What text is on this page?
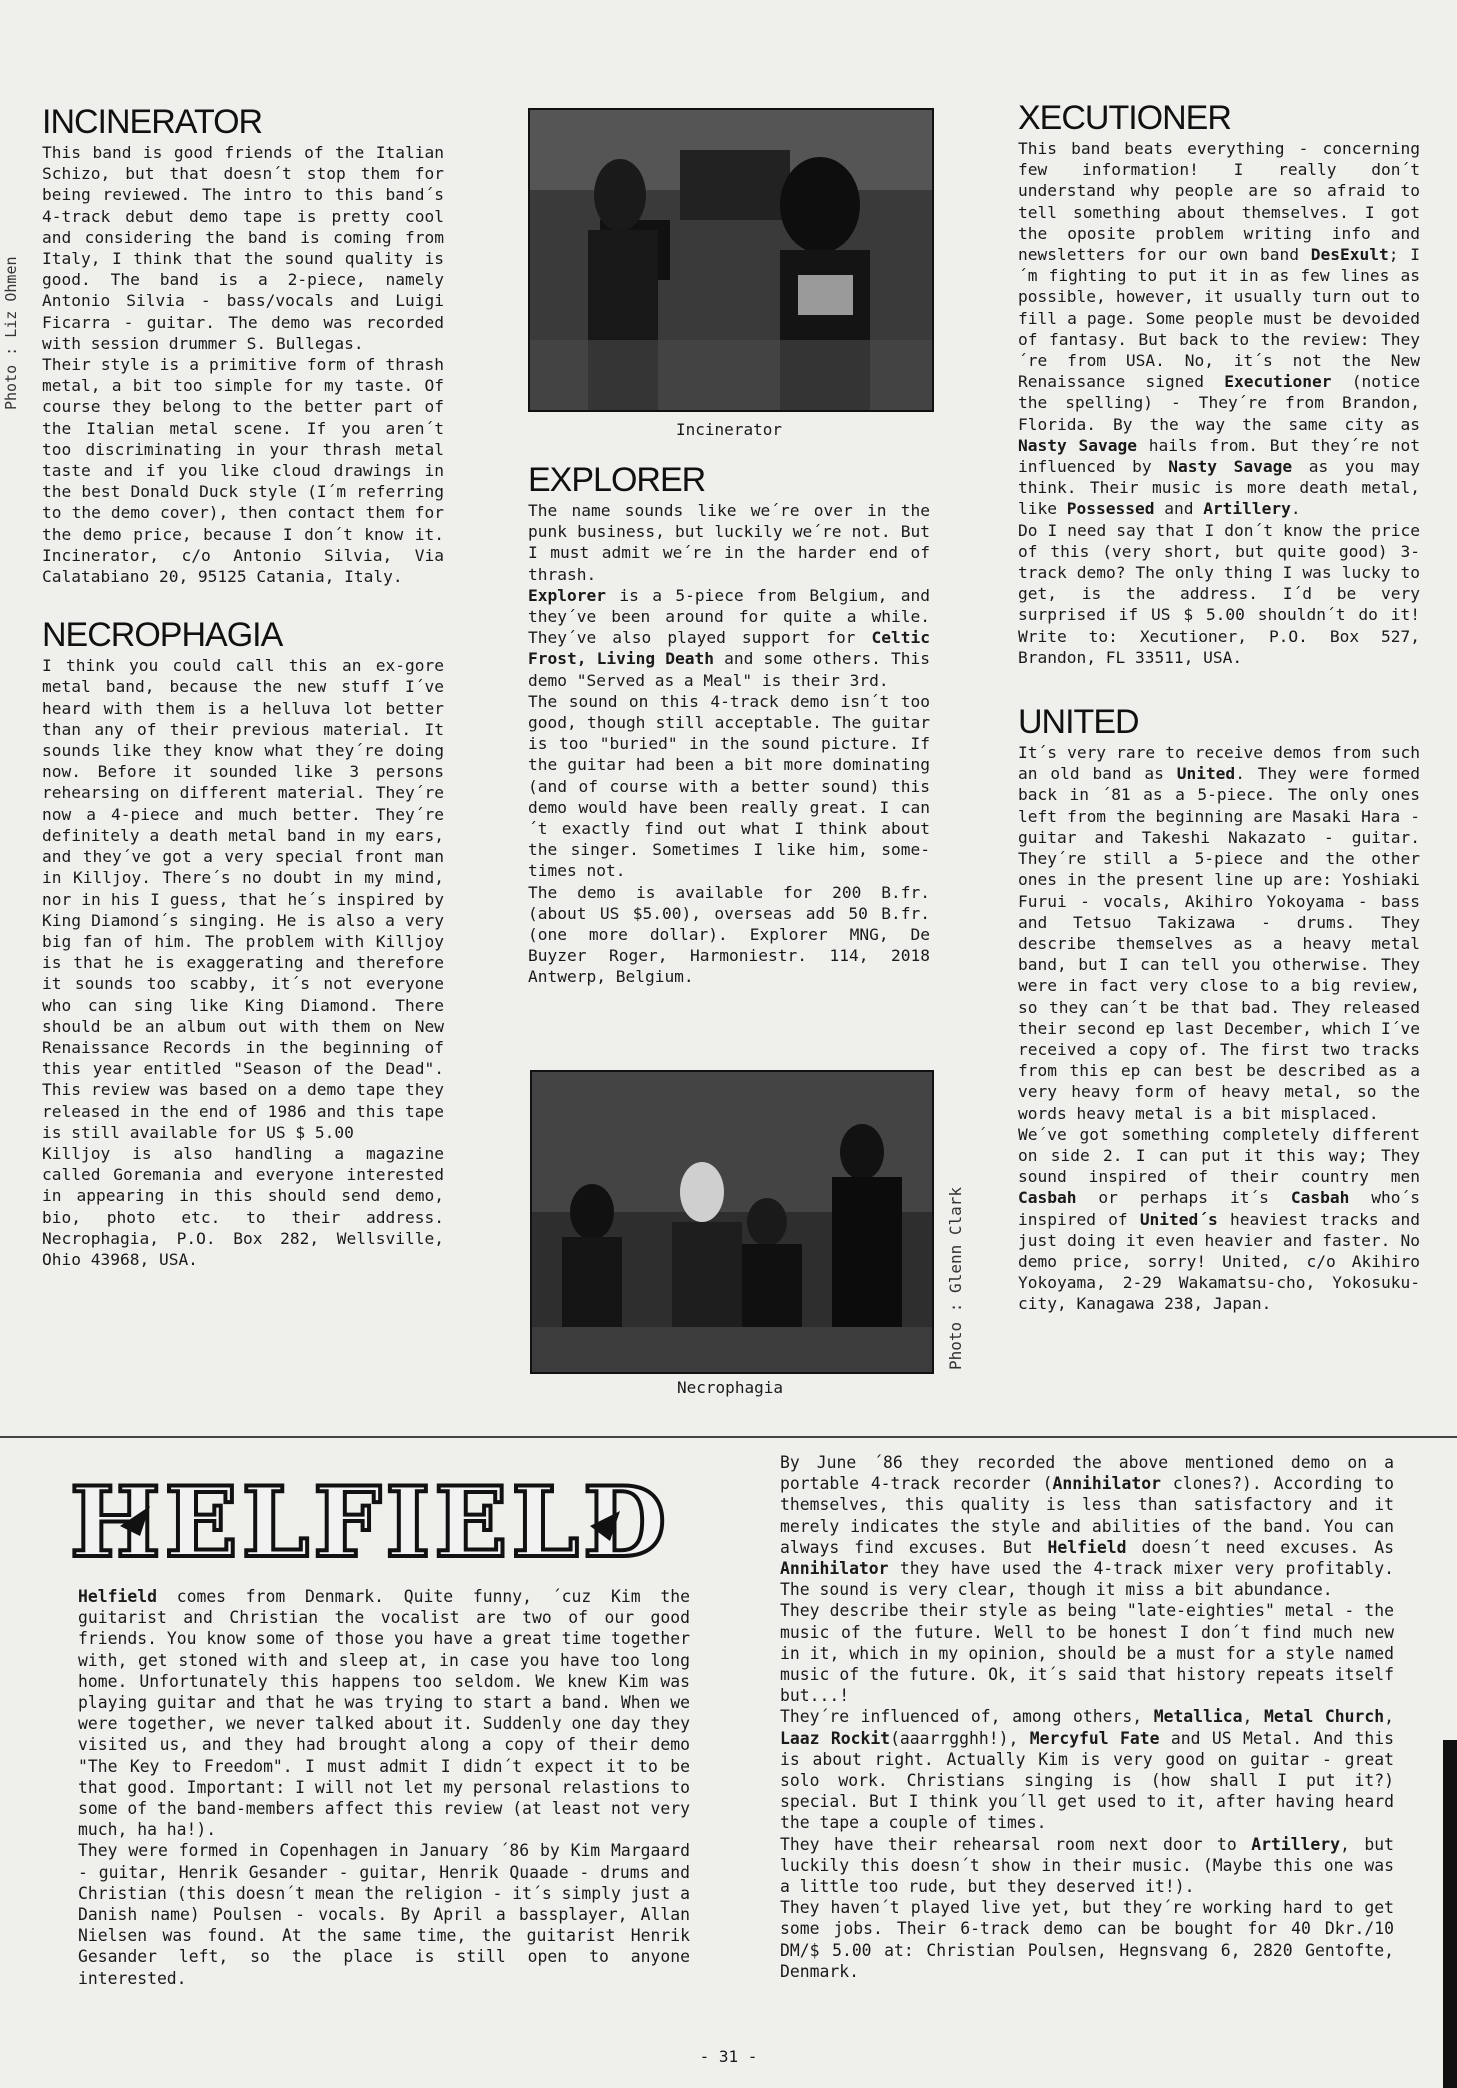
Photo : Liz Ohmen
INCINERATOR

This band is good friends of the Italian Schizo, but that doesn´t stop them for being reviewed. The intro to this band´s 4-track debut demo tape is pretty cool and considering the band is coming from Italy, I think that the sound quality is good. The band is a 2-piece, namely Antonio Silvia - bass/vocals and Luigi Ficarra - guitar. The demo was recorded with session drummer S. Bullegas.

Their style is a primitive form of thrash metal, a bit too simple for my taste. Of course they belong to the better part of the Italian metal scene. If you aren´t too discriminating in your thrash metal taste and if you like cloud drawings in the best Donald Duck style (I´m referring to the demo cover), then contact them for the demo price, because I don´t know it. Incinerator, c/o Antonio Silvia, Via Calatabiano 20, 95125 Catania, Italy.

NECROPHAGIA

I think you could call this an ex-gore metal band, because the new stuff I´ve heard with them is a helluva lot better than any of their previous material. It sounds like they know what they´re doing now. Before it sounded like 3 persons rehearsing on different material. They´re now a 4-piece and much better. They´re definitely a death metal band in my ears, and they´ve got a very special front man in Killjoy. There´s no doubt in my mind, nor in his I guess, that he´s inspired by King Diamond´s singing. He is also a very big fan of him. The problem with Killjoy is that he is exaggerating and therefore it sounds too scabby, it´s not everyone who can sing like King Diamond. There should be an album out with them on New Renaissance Records in the beginning of this year entitled "Season of the Dead". This review was based on a demo tape they released in the end of 1986 and this tape is still available for US $ 5.00

Killjoy is also handling a magazine called Goremania and everyone interested in appearing in this should send demo, bio, photo etc. to their address. Necrophagia, P.O. Box 282, Wellsville, Ohio 43968, USA.

Incinerator
EXPLORER

The name sounds like we´re over in the punk business, but luckily we´re not. But I must admit we´re in the harder end of thrash.

Explorer is a 5-piece from Belgium, and they´ve been around for quite a while. They´ve also played support for Celtic Frost, Living Death and some others. This demo "Served as a Meal" is their 3rd.

The sound on this 4-track demo isn´t too good, though still acceptable. The guitar is too "buried" in the sound picture. If the guitar had been a bit more dominating (and of course with a better sound) this demo would have been really great. I can´t exactly find out what I think about the singer. Sometimes I like him, some-times not.

The demo is available for 200 B.fr. (about US $5.00), overseas add 50 B.fr. (one more dollar). Explorer MNG, De Buyzer Roger, Harmoniestr. 114, 2018 Antwerp, Belgium.

Photo : Glenn Clark
Necrophagia
XECUTIONER

This band beats everything - concerning few information! I really don´t understand why people are so afraid to tell something about themselves. I got the oposite problem writing info and newsletters for our own band DesExult; I´m fighting to put it in as few lines as possible, however, it usually turn out to fill a page. Some people must be devoided of fantasy. But back to the review: They´re from USA. No, it´s not the New Renaissance signed Executioner (notice the spelling) - They´re from Brandon, Florida. By the way the same city as Nasty Savage hails from. But they´re not influenced by Nasty Savage as you may think. Their music is more death metal, like Possessed and Artillery.

Do I need say that I don´t know the price of this (very short, but quite good) 3-track demo? The only thing I was lucky to get, is the address. I´d be very surprised if US $ 5.00 shouldn´t do it! Write to: Xecutioner, P.O. Box 527, Brandon, FL 33511, USA.

UNITED

It´s very rare to receive demos from such an old band as United. They were formed back in ´81 as a 5-piece. The only ones left from the beginning are Masaki Hara - guitar and Takeshi Nakazato - guitar. They´re still a 5-piece and the other ones in the present line up are: Yoshiaki Furui - vocals, Akihiro Yokoyama - bass and Tetsuo Takizawa - drums. They describe themselves as a heavy metal band, but I can tell you otherwise. They were in fact very close to a big review, so they can´t be that bad. They released their second ep last December, which I´ve received a copy of. The first two tracks from this ep can best be described as a very heavy form of heavy metal, so the words heavy metal is a bit misplaced.

We´ve got something completely different on side 2. I can put it this way; They sound inspired of their country men Casbah or perhaps it´s Casbah who´s inspired of United´s heaviest tracks and just doing it even heavier and faster. No demo price, sorry! United, c/o Akihiro Yokoyama, 2-29 Wakamatsu-cho, Yokosuku-city, Kanagawa 238, Japan.

HELFIELD

Helfield comes from Denmark. Quite funny, ´cuz Kim the guitarist and Christian the vocalist are two of our good friends. You know some of those you have a great time together with, get stoned with and sleep at, in case you have too long home. Unfortunately this happens too seldom. We knew Kim was playing guitar and that he was trying to start a band. When we were together, we never talked about it. Suddenly one day they visited us, and they had brought along a copy of their demo "The Key to Freedom". I must admit I didn´t expect it to be that good. Important: I will not let my personal relastions to some of the band-members affect this review (at least not very much, ha ha!).

They were formed in Copenhagen in January ´86 by Kim Margaard - guitar, Henrik Gesander - guitar, Henrik Quaade - drums and Christian (this doesn´t mean the religion - it´s simply just a Danish name) Poulsen - vocals. By April a bassplayer, Allan Nielsen was found. At the same time, the guitarist Henrik Gesander left, so the place is still open to anyone interested.

By June ´86 they recorded the above mentioned demo on a portable 4-track recorder (Annihilator clones?). According to themselves, this quality is less than satisfactory and it merely indicates the style and abilities of the band. You can always find excuses. But Helfield doesn´t need excuses. As Annihilator they have used the 4-track mixer very profitably. The sound is very clear, though it miss a bit abundance.

They describe their style as being "late-eighties" metal - the music of the future. Well to be honest I don´t find much new in it, which in my opinion, should be a must for a style named music of the future. Ok, it´s said that history repeats itself but...!

They´re influenced of, among others, Metallica, Metal Church, Laaz Rockit(aaarrgghh!), Mercyful Fate and US Metal. And this is about right. Actually Kim is very good on guitar - great solo work. Christians singing is (how shall I put it?) special. But I think you´ll get used to it, after having heard the tape a couple of times.

They have their rehearsal room next door to Artillery, but luckily this doesn´t show in their music. (Maybe this one was a little too rude, but they deserved it!).

They haven´t played live yet, but they´re working hard to get some jobs. Their 6-track demo can be bought for 40 Dkr./10 DM/$ 5.00 at: Christian Poulsen, Hegnsvang 6, 2820 Gentofte, Denmark.

- 31 -
